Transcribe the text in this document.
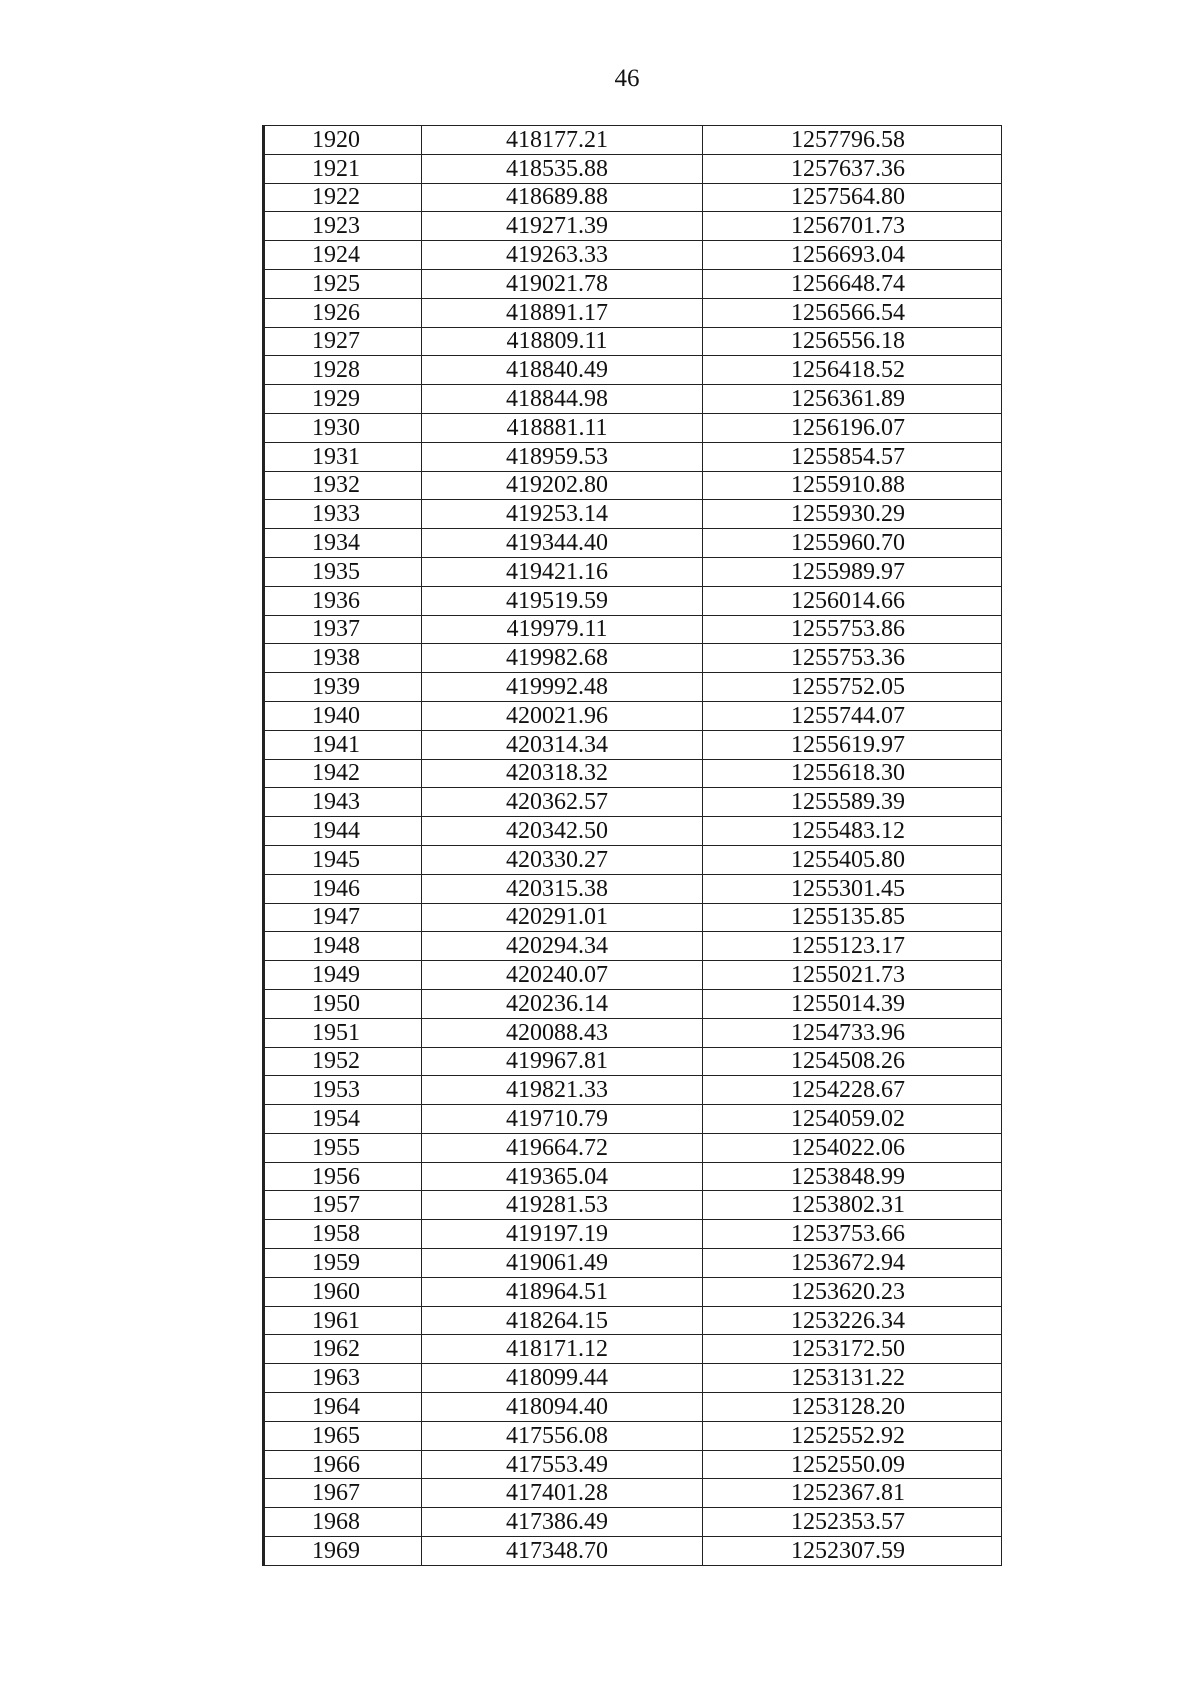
46
1920	418177.21	1257796.58
1921	418535.88	1257637.36
1922	418689.88	1257564.80
1923	419271.39	1256701.73
1924	419263.33	1256693.04
1925	419021.78	1256648.74
1926	418891.17	1256566.54
1927	418809.11	1256556.18
1928	418840.49	1256418.52
1929	418844.98	1256361.89
1930	418881.11	1256196.07
1931	418959.53	1255854.57
1932	419202.80	1255910.88
1933	419253.14	1255930.29
1934	419344.40	1255960.70
1935	419421.16	1255989.97
1936	419519.59	1256014.66
1937	419979.11	1255753.86
1938	419982.68	1255753.36
1939	419992.48	1255752.05
1940	420021.96	1255744.07
1941	420314.34	1255619.97
1942	420318.32	1255618.30
1943	420362.57	1255589.39
1944	420342.50	1255483.12
1945	420330.27	1255405.80
1946	420315.38	1255301.45
1947	420291.01	1255135.85
1948	420294.34	1255123.17
1949	420240.07	1255021.73
1950	420236.14	1255014.39
1951	420088.43	1254733.96
1952	419967.81	1254508.26
1953	419821.33	1254228.67
1954	419710.79	1254059.02
1955	419664.72	1254022.06
1956	419365.04	1253848.99
1957	419281.53	1253802.31
1958	419197.19	1253753.66
1959	419061.49	1253672.94
1960	418964.51	1253620.23
1961	418264.15	1253226.34
1962	418171.12	1253172.50
1963	418099.44	1253131.22
1964	418094.40	1253128.20
1965	417556.08	1252552.92
1966	417553.49	1252550.09
1967	417401.28	1252367.81
1968	417386.49	1252353.57
1969	417348.70	1252307.59
